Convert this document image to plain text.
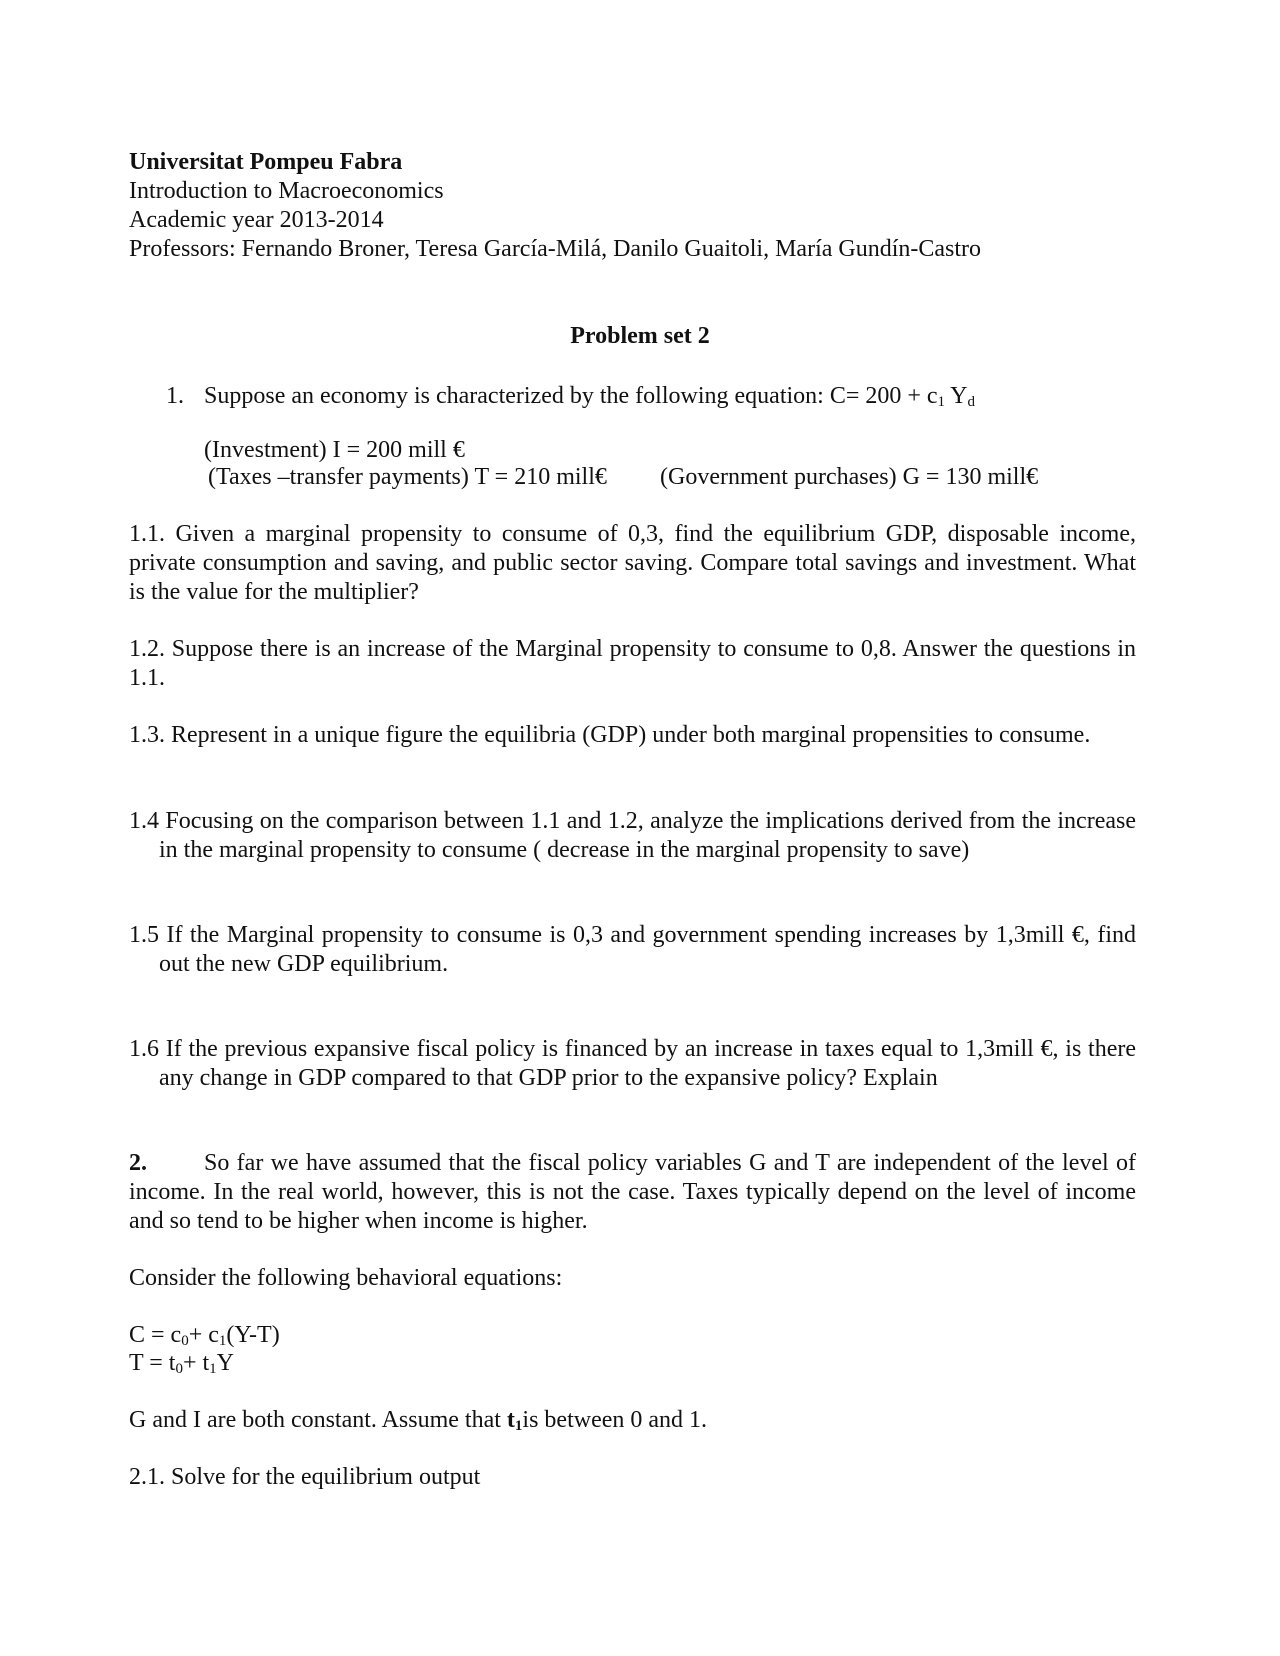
Universitat Pompeu Fabra
Introduction to Macroeconomics
Academic year 2013-2014
Professors: Fernando Broner, Teresa García-Milá, Danilo Guaitoli, María Gundín-Castro
Problem set 2
1. Suppose an economy is characterized by the following equation: $C= 200 + c_1$ $Y_d$
(Investment) I = 200 mill €
(Taxes –transfer payments) T = 210 mill€ (Government purchases) G = 130 mill€
1.1. Given a marginal propensity to consume of 0,3, find the equilibrium GDP, disposable income, private consumption and saving, and public sector saving. Compare total savings and investment. What is the value for the multiplier?
1.2. Suppose there is an increase of the Marginal propensity to consume to 0,8. Answer the questions in 1.1.
1.3. Represent in a unique figure the equilibria (GDP) under both marginal propensities to consume.
1.4 Focusing on the comparison between 1.1 and 1.2, analyze the implications derived from the increase in the marginal propensity to consume ( decrease in the marginal propensity to save)
1.5 If the Marginal propensity to consume is 0,3 and government spending increases by 1,3mill €, find out the new GDP equilibrium.
1.6 If the previous expansive fiscal policy is financed by an increase in taxes equal to 1,3mill €, is there any change in GDP compared to that GDP prior to the expansive policy? Explain
2. So far we have assumed that the fiscal policy variables G and T are independent of the level of income. In the real world, however, this is not the case. Taxes typically depend on the level of income and so tend to be higher when income is higher.
Consider the following behavioral equations:
$C = c_0+ c_1(Y-T)$
$T = t_0+ t_1Y$
G and I are both constant. Assume that $t_1is$ between 0 and 1.
2.1. Solve for the equilibrium output
